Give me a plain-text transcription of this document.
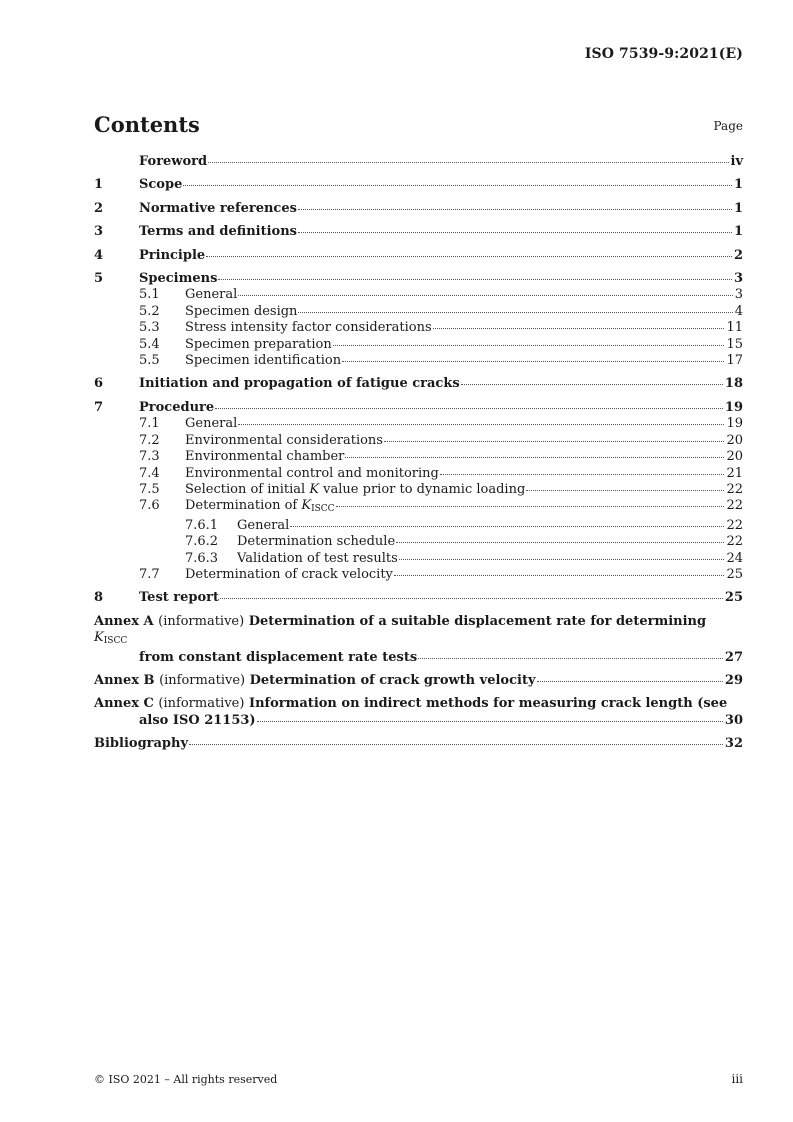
ISO 7539-9:2021(E)
Contents	Page
Foreword	iv
1	Scope	1
2	Normative references	1
3	Terms and definitions	1
4	Principle	2
5	Specimens	3
5.1	General	3
5.2	Specimen design	4
5.3	Stress intensity factor considerations	11
5.4	Specimen preparation	15
5.5	Specimen identification	17
6	Initiation and propagation of fatigue cracks	18
7	Procedure	19
7.1	General	19
7.2	Environmental considerations	20
7.3	Environmental chamber	20
7.4	Environmental control and monitoring	21
7.5	Selection of initial K value prior to dynamic loading	22
7.6	Determination of $K_{ISCC}$	22
7.6.1	General	22
7.6.2	Determination schedule	22
7.6.3	Validation of test results	24
7.7	Determination of crack velocity	25
8	Test report	25
Annex A (informative) Determination of a suitable displacement rate for determining $K_{ISCC}$
from constant displacement rate tests	27
Annex B (informative) Determination of crack growth velocity	29
Annex C (informative) Information on indirect methods for measuring crack length (see
also ISO 21153)	30
Bibliography	32
© ISO 2021 – All rights reserved	iii
